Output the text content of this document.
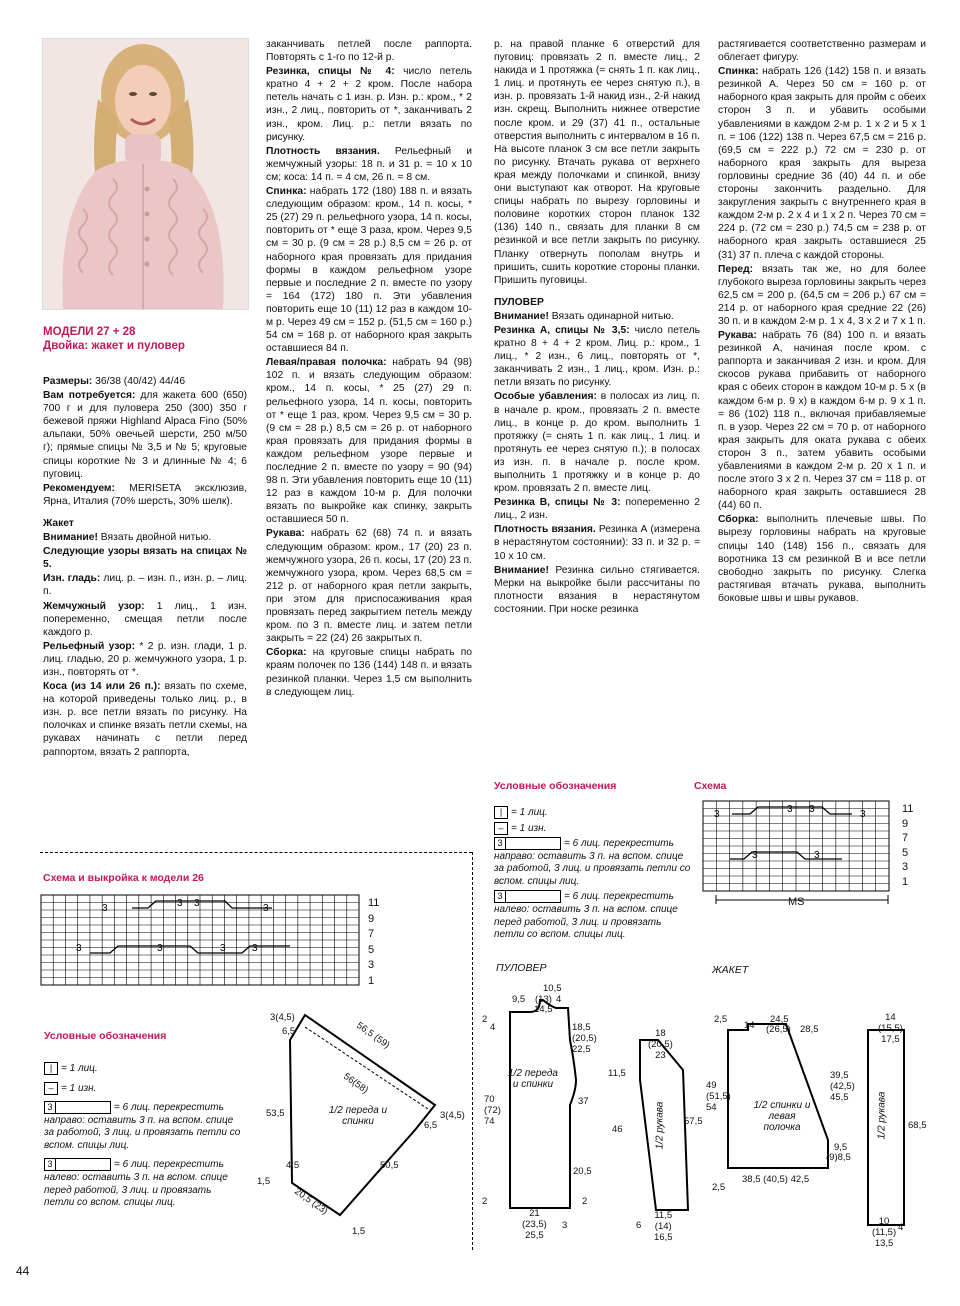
МОДЕЛИ 27 + 28
Двойка: жакет и пуловер

Размеры: 36/38 (40/42) 44/46

Вам потребуется: для жакета 600 (650) 700 г и для пуловера 250 (300) 350 г бежевой пряжи Highland Alpaca Fino (50% альпаки, 50% овечьей шерсти, 250 м/50 г); прямые спицы № 3,5 и № 5; круговые спицы короткие № 3 и длинные № 4; 6 пуговиц.

Рекомендуем: MERISETA эксклюзив, Ярна, Италия (70% шерсть, 30% шелк).

Жакет

Внимание! Вязать двойной нитью.

Следующие узоры вязать на спицах № 5.

Изн. гладь: лиц. р. – изн. п., изн. р. – лиц. п.

Жемчужный узор: 1 лиц., 1 изн. попеременно, смещая петли после каждого р.

Рельефный узор: * 2 р. изн. глади, 1 р. лиц. гладью, 20 р. жемчужного узора, 1 р. изн., повторять от *.

Коса (из 14 или 26 п.): вязать по схеме, на которой приведены только лиц. р., в изн. р. все петли вязать по рисунку. На полочках и спинке вязать петли схемы, на рукавах начинать с петли перед раппортом, вязать 2 раппорта,

заканчивать петлей после раппорта. Повторять с 1-го по 12-й р.

Резинка, спицы № 4: число петель кратно 4 + 2 + 2 кром. После набора петель начать с 1 изн. р. Изн. р.: кром., * 2 изн., 2 лиц., повторить от *, заканчивать 2 изн., кром. Лиц. р.: петли вязать по рисунку.

Плотность вязания. Рельефный и жемчужный узоры: 18 п. и 31 р. = 10 х 10 см; коса: 14 п. = 4 см, 26 п. = 8 см.

Спинка: набрать 172 (180) 188 п. и вязать следующим образом: кром., 14 п. косы, * 25 (27) 29 п. рельефного узора, 14 п. косы, повторить от * еще 3 раза, кром. Через 9,5 см = 30 р. (9 см = 28 р.) 8,5 см = 26 р. от наборного края провязать для придания формы в каждом рельефном узоре первые и последние 2 п. вместе по узору = 164 (172) 180 п. Эти убавления повторить еще 10 (11) 12 раз в каждом 10-м р. Через 49 см = 152 р. (51,5 см = 160 р.) 54 см = 168 р. от наборного края закрыть оставшиеся 84 п.

Левая/правая полочка: набрать 94 (98) 102 п. и вязать следующим образом: кром., 14 п. косы, * 25 (27) 29 п. рельефного узора, 14 п. косы, повторить от * еще 1 раз, кром. Через 9,5 см = 30 р. (9 см = 28 р.) 8,5 см = 26 р. от наборного края провязать для придания формы в каждом рельефном узоре первые и последние 2 п. вместе по узору = 90 (94) 98 п. Эти убавления повторить еще 10 (11) 12 раз в каждом 10-м р. Для полочки вязать по выкройке как спинку, закрыть оставшиеся 50 п.

Рукава: набрать 62 (68) 74 п. и вязать следующим образом: кром., 17 (20) 23 п. жемчужного узора, 26 п. косы, 17 (20) 23 п. жемчужного узора, кром. Через 68,5 см = 212 р. от наборного края петли закрыть, при этом для приспосаживания края провязать перед закрытием петель между кром. по 3 п. вместе лиц. и затем петли закрыть = 22 (24) 26 закрытых п.

Сборка: на круговые спицы набрать по краям полочек по 136 (144) 148 п. и вязать резинкой планки. Через 1,5 см выполнить в следующем лиц.

р. на правой планке 6 отверстий для пуговиц: провязать 2 п. вместе лиц., 2 накида и 1 протяжка (= снять 1 п. как лиц., 1 лиц. и протянуть ее через снятую п.), в изн. р. провязать 1-й накид изн., 2-й накид изн. скрещ. Выполнить нижнее отверстие после кром. и 29 (37) 41 п., остальные отверстия выполнить с интервалом в 16 п. На высоте планок 3 см все петли закрыть по рисунку. Втачать рукава от верхнего края между полочками и спинкой, внизу они выступают как отворот. На круговые спицы набрать по вырезу горловины и половине коротких сторон планок 132 (136) 140 п., связать для планки 8 см резинкой и все петли закрыть по рисунку. Планку отвернуть пополам внутрь и пришить, сшить короткие стороны планки. Пришить пуговицы.

ПУЛОВЕР

Внимание! Вязать одинарной нитью.

Резинка А, спицы № 3,5: число петель кратно 8 + 4 + 2 кром. Лиц. р.: кром., 1 лиц., * 2 изн., 6 лиц., повторять от *, заканчивать 2 изн., 1 лиц., кром. Изн. р.: петли вязать по рисунку.

Особые убавления: в полосах из лиц. п. в начале р. кром., провязать 2 п. вместе лиц., в конце р. до кром. выполнить 1 протяжку (= снять 1 п. как лиц., 1 лиц. и протянуть ее через снятую п.); в полосах из изн. п. в начале р. после кром. выполнить 1 протяжку и в конце р. до кром. провязать 2 п. вместе лиц.

Резинка В, спицы № 3: попеременно 2 лиц., 2 изн.

Плотность вязания. Резинка А (измерена в нерастянутом состоянии): 33 п. и 32 р. = 10 х 10 см.

Внимание! Резинка сильно стягивается. Мерки на выкройке были рассчитаны по плотности вязания в нерастянутом состоянии. При носке резинка

растягивается соответственно размерам и облегает фигуру.

Спинка: набрать 126 (142) 158 п. и вязать резинкой А. Через 50 см = 160 р. от наборного края закрыть для пройм с обеих сторон 3 п. и убавить особыми убавлениями в каждом 2-м р. 1 х 2 и 5 х 1 п. = 106 (122) 138 п. Через 67,5 см = 216 р. (69,5 см = 222 р.) 72 см = 230 р. от наборного края закрыть для выреза горловины средние 36 (40) 44 п. и обе стороны закончить раздельно. Для закругления закрыть с внутреннего края в каждом 2-м р. 2 х 4 и 1 х 2 п. Через 70 см = 224 р. (72 см = 230 р.) 74,5 см = 238 р. от наборного края закрыть оставшиеся 25 (31) 37 п. плеча с каждой стороны.

Перед: вязать так же, но для более глубокого выреза горловины закрыть через 62,5 см = 200 р. (64,5 см = 206 р.) 67 см = 214 р. от наборного края средние 22 (26) 30 п. и в каждом 2-м р. 1 х 4, 3 х 2 и 7 х 1 п.

Рукава: набрать 76 (84) 100 п. и вязать резинкой А, начиная после кром. с раппорта и заканчивая 2 изн. и кром. Для скосов рукава прибавить от наборного края с обеих сторон в каждом 10-м р. 5 х (в каждом 6-м р. 9 х) в каждом 6-м р. 9 х 1 п. = 86 (102) 118 п., включая прибавляемые п. в узор. Через 22 см = 70 р. от наборного края закрыть для оката рукава с обеих сторон 3 п., затем убавить особыми убавлениями в каждом 2-м р. 20 х 1 п. и после этого 3 х 2 п. Через 37 см = 118 р. от наборного края закрыть оставшиеся 28 (44) 60 п.

Сборка: выполнить плечевые швы. По вырезу горловины набрать на круговые спицы 140 (148) 156 п., связать для воротника 13 см резинкой В и все петли свободно закрыть по рисунку. Слегка растягивая втачать рукава, выполнить боковые швы и швы рукавов.

Схема и выкройка к модели 26
3	3 3	3
3	3	3	3
11
9
7
5
3
1
Условные обозначения
| = 1 лиц.
– = 1 изн.
3	= 6 лиц. перекрестить направо: оставить 3 п. на вспом. спице за работой, 3 лиц. и провязать петли со вспом. спицы лиц.
3	= 6 лиц. перекрестить налево: оставить 3 п. на вспом. спице перед работой, 3 лиц. и провязать петли со вспом. спицы лиц.
3(4,5)
6,5	56,5 (59)
56(58)
53,5
6,5
3(4,5)
50,5
1,5
4,5
20,5 (23)
1,5
1/2 переда и спинки
Условные обозначения
| = 1 лиц.
– = 1 изн.
3	= 6 лиц. перекрестить направо: оставить 3 п. на вспом. спице за работой, 3 лиц. и провязать петли со вспом. спицы лиц.
3	= 6 лиц. перекрестить налево: оставить 3 п. на вспом. спице перед работой, 3 лиц. и провязать петли со вспом. спицы лиц.
Схема
3	3 3	3
3	3
MS
11
9
7
5
3
1
ПУЛОВЕР
10,5
9,5 (13)
14,5
4
2
4	18,5
(20,5)
22,5
70
(72)
74
37
20,5
2	2
21
(23,5)
25,5
3
1/2 переда и спинки
18
(20,5)
23
11,5
46
57,5
11,5
(14)
16,5
6
1/2 рукава
ЖАКЕТ
2,5
14
24,5
(26,5) 28,5
49
(51,5)
54
39,5
(42,5)
45,5
9,5
(9)8,5
2,5
38,5 (40,5) 42,5
1/2 спинки и левая полочка
14
(15,5)
17,5
68,5
10
(11,5)
13,5
4
1/2 рукава
44
